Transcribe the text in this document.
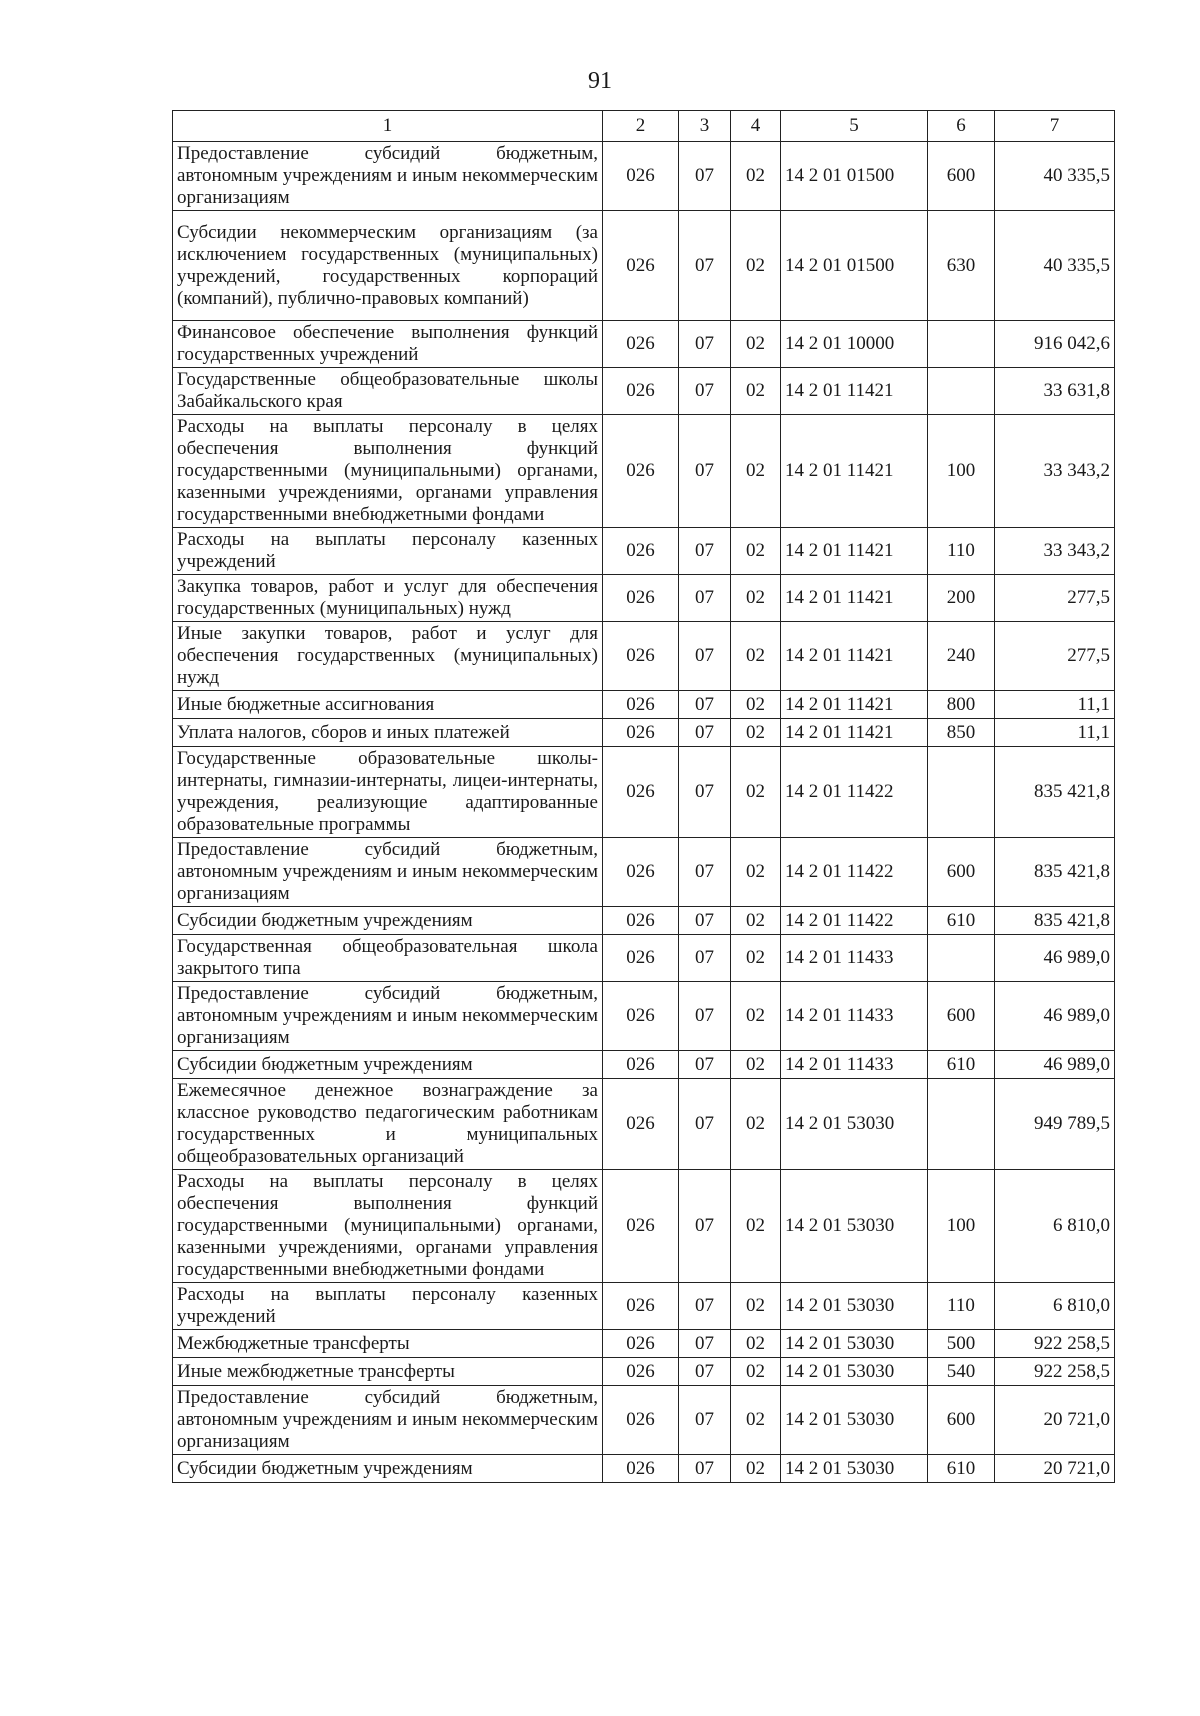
91
1	2	3	4	5	6	7
Предоставление субсидий бюджетным, автономным учреждениям и иным некоммерческим организациям	026	07	02	14 2 01 01500	600	40 335,5
Субсидии некоммерческим организациям (за исключением государственных (муниципальных) учреждений, государственных корпораций (компаний), публично-правовых компаний)	026	07	02	14 2 01 01500	630	40 335,5
Финансовое обеспечение выполнения функций государственных учреждений	026	07	02	14 2 01 10000		916 042,6
Государственные общеобразовательные школы Забайкальского края	026	07	02	14 2 01 11421		33 631,8
Расходы на выплаты персоналу в целях обеспечения выполнения функций государственными (муниципальными) органами, казенными учреждениями, органами управления государственными внебюджетными фондами	026	07	02	14 2 01 11421	100	33 343,2
Расходы на выплаты персоналу казенных учреждений	026	07	02	14 2 01 11421	110	33 343,2
Закупка товаров, работ и услуг для обеспечения государственных (муниципальных) нужд	026	07	02	14 2 01 11421	200	277,5
Иные закупки товаров, работ и услуг для обеспечения государственных (муниципальных) нужд	026	07	02	14 2 01 11421	240	277,5
Иные бюджетные ассигнования	026	07	02	14 2 01 11421	800	11,1
Уплата налогов, сборов и иных платежей	026	07	02	14 2 01 11421	850	11,1
Государственные образовательные школы-интернаты, гимназии-интернаты, лицеи-интернаты, учреждения, реализующие адаптированные образовательные программы	026	07	02	14 2 01 11422		835 421,8
Предоставление субсидий бюджетным, автономным учреждениям и иным некоммерческим организациям	026	07	02	14 2 01 11422	600	835 421,8
Субсидии бюджетным учреждениям	026	07	02	14 2 01 11422	610	835 421,8
Государственная общеобразовательная школа закрытого типа	026	07	02	14 2 01 11433		46 989,0
Предоставление субсидий бюджетным, автономным учреждениям и иным некоммерческим организациям	026	07	02	14 2 01 11433	600	46 989,0
Субсидии бюджетным учреждениям	026	07	02	14 2 01 11433	610	46 989,0
Ежемесячное денежное вознаграждение за классное руководство педагогическим работникам государственных и муниципальных общеобразовательных организаций	026	07	02	14 2 01 53030		949 789,5
Расходы на выплаты персоналу в целях обеспечения выполнения функций государственными (муниципальными) органами, казенными учреждениями, органами управления государственными внебюджетными фондами	026	07	02	14 2 01 53030	100	6 810,0
Расходы на выплаты персоналу казенных учреждений	026	07	02	14 2 01 53030	110	6 810,0
Межбюджетные трансферты	026	07	02	14 2 01 53030	500	922 258,5
Иные межбюджетные трансферты	026	07	02	14 2 01 53030	540	922 258,5
Предоставление субсидий бюджетным, автономным учреждениям и иным некоммерческим организациям	026	07	02	14 2 01 53030	600	20 721,0
Субсидии бюджетным учреждениям	026	07	02	14 2 01 53030	610	20 721,0
